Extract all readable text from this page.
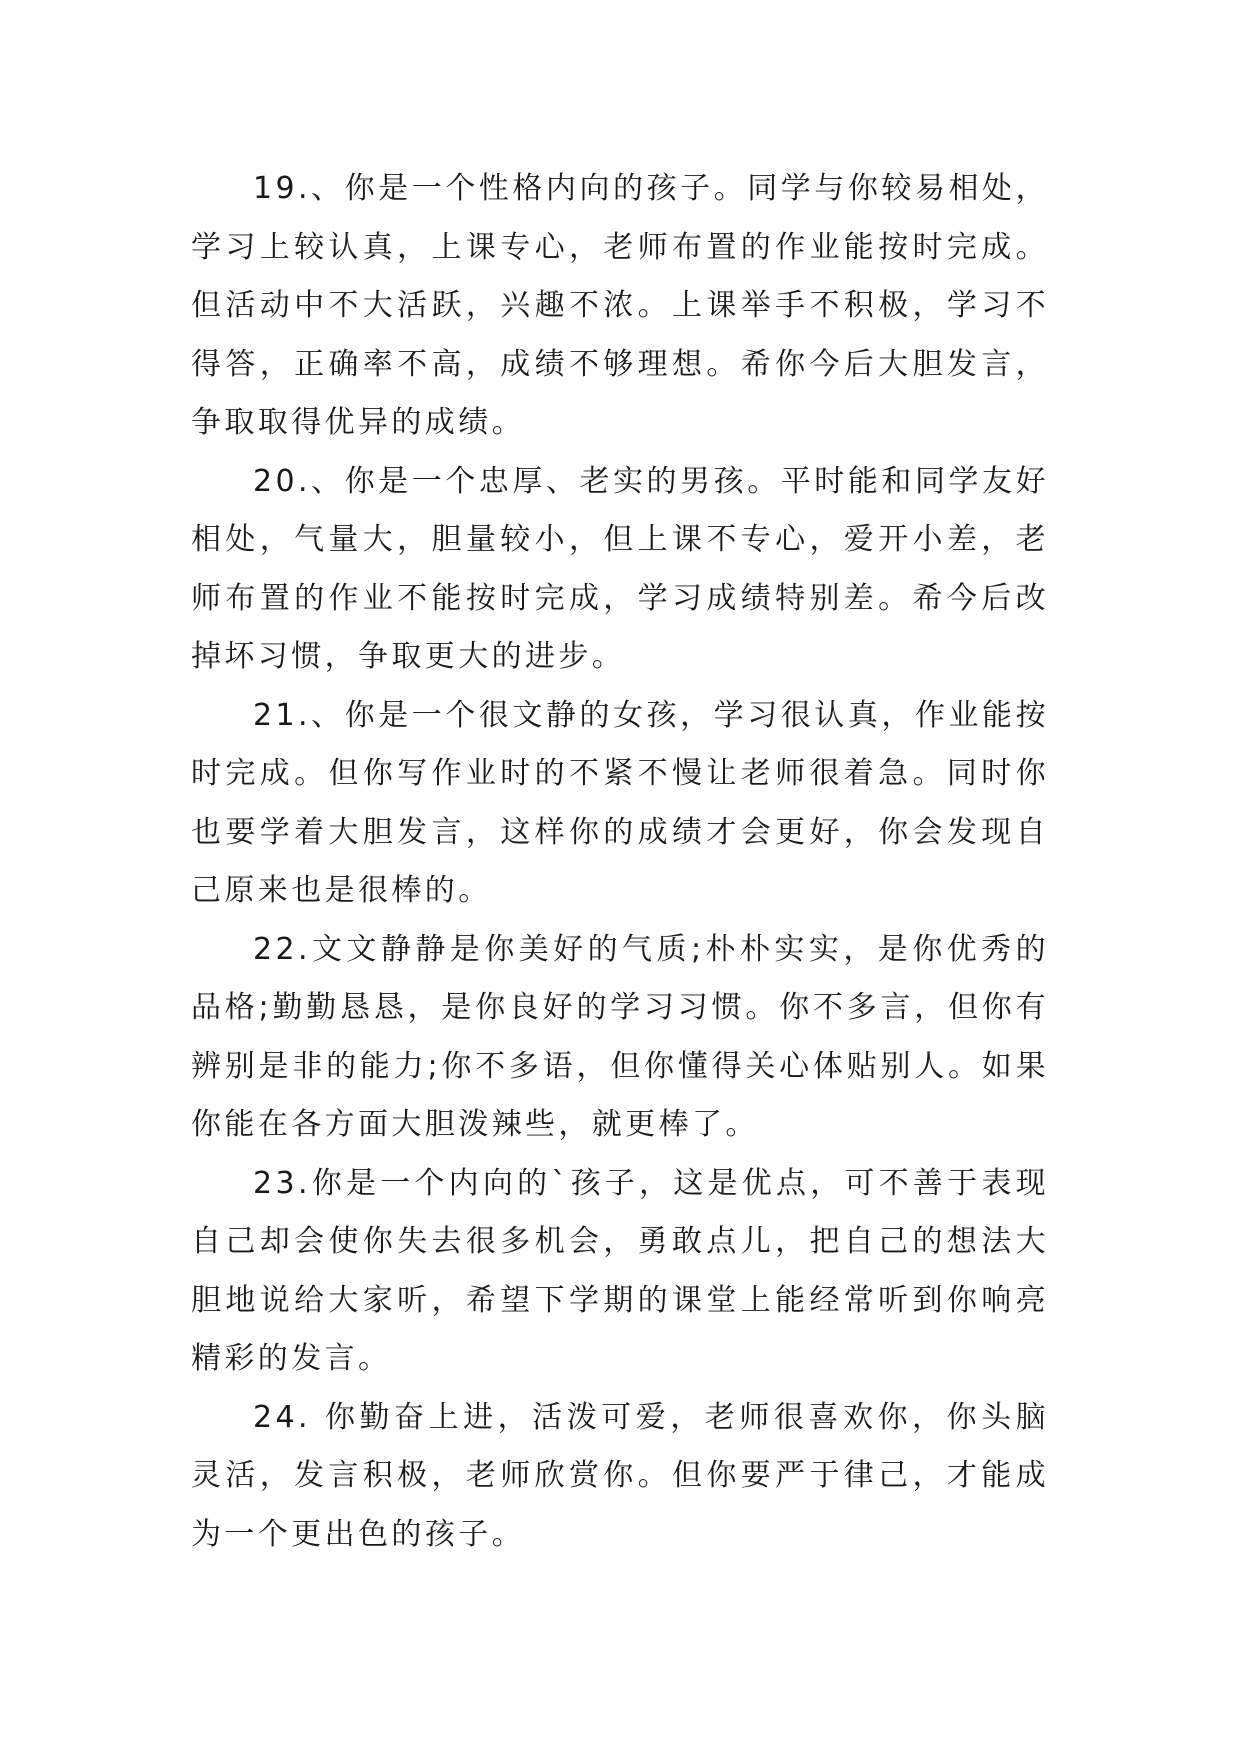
19.、你是一个性格内向的孩子。同学与你较易相处，学习上较认真，上课专心，老师布置的作业能按时完成。但活动中不大活跃，兴趣不浓。上课举手不积极，学习不得答，正确率不高，成绩不够理想。希你今后大胆发言，争取取得优异的成绩。

20.、你是一个忠厚、老实的男孩。平时能和同学友好相处，气量大，胆量较小，但上课不专心，爱开小差，老师布置的作业不能按时完成，学习成绩特别差。希今后改掉坏习惯，争取更大的进步。

21.、你是一个很文静的女孩，学习很认真，作业能按时完成。但你写作业时的不紧不慢让老师很着急。同时你也要学着大胆发言，这样你的成绩才会更好，你会发现自己原来也是很棒的。

22.文文静静是你美好的气质;朴朴实实，是你优秀的品格;勤勤恳恳，是你良好的学习习惯。你不多言，但你有辨别是非的能力;你不多语，但你懂得关心体贴别人。如果你能在各方面大胆泼辣些，就更棒了。

23.你是一个内向的`孩子，这是优点，可不善于表现自己却会使你失去很多机会，勇敢点儿，把自己的想法大胆地说给大家听，希望下学期的课堂上能经常听到你响亮精彩的发言。

24. 你勤奋上进，活泼可爱，老师很喜欢你，你头脑灵活，发言积极，老师欣赏你。但你要严于律己，才能成为一个更出色的孩子。
